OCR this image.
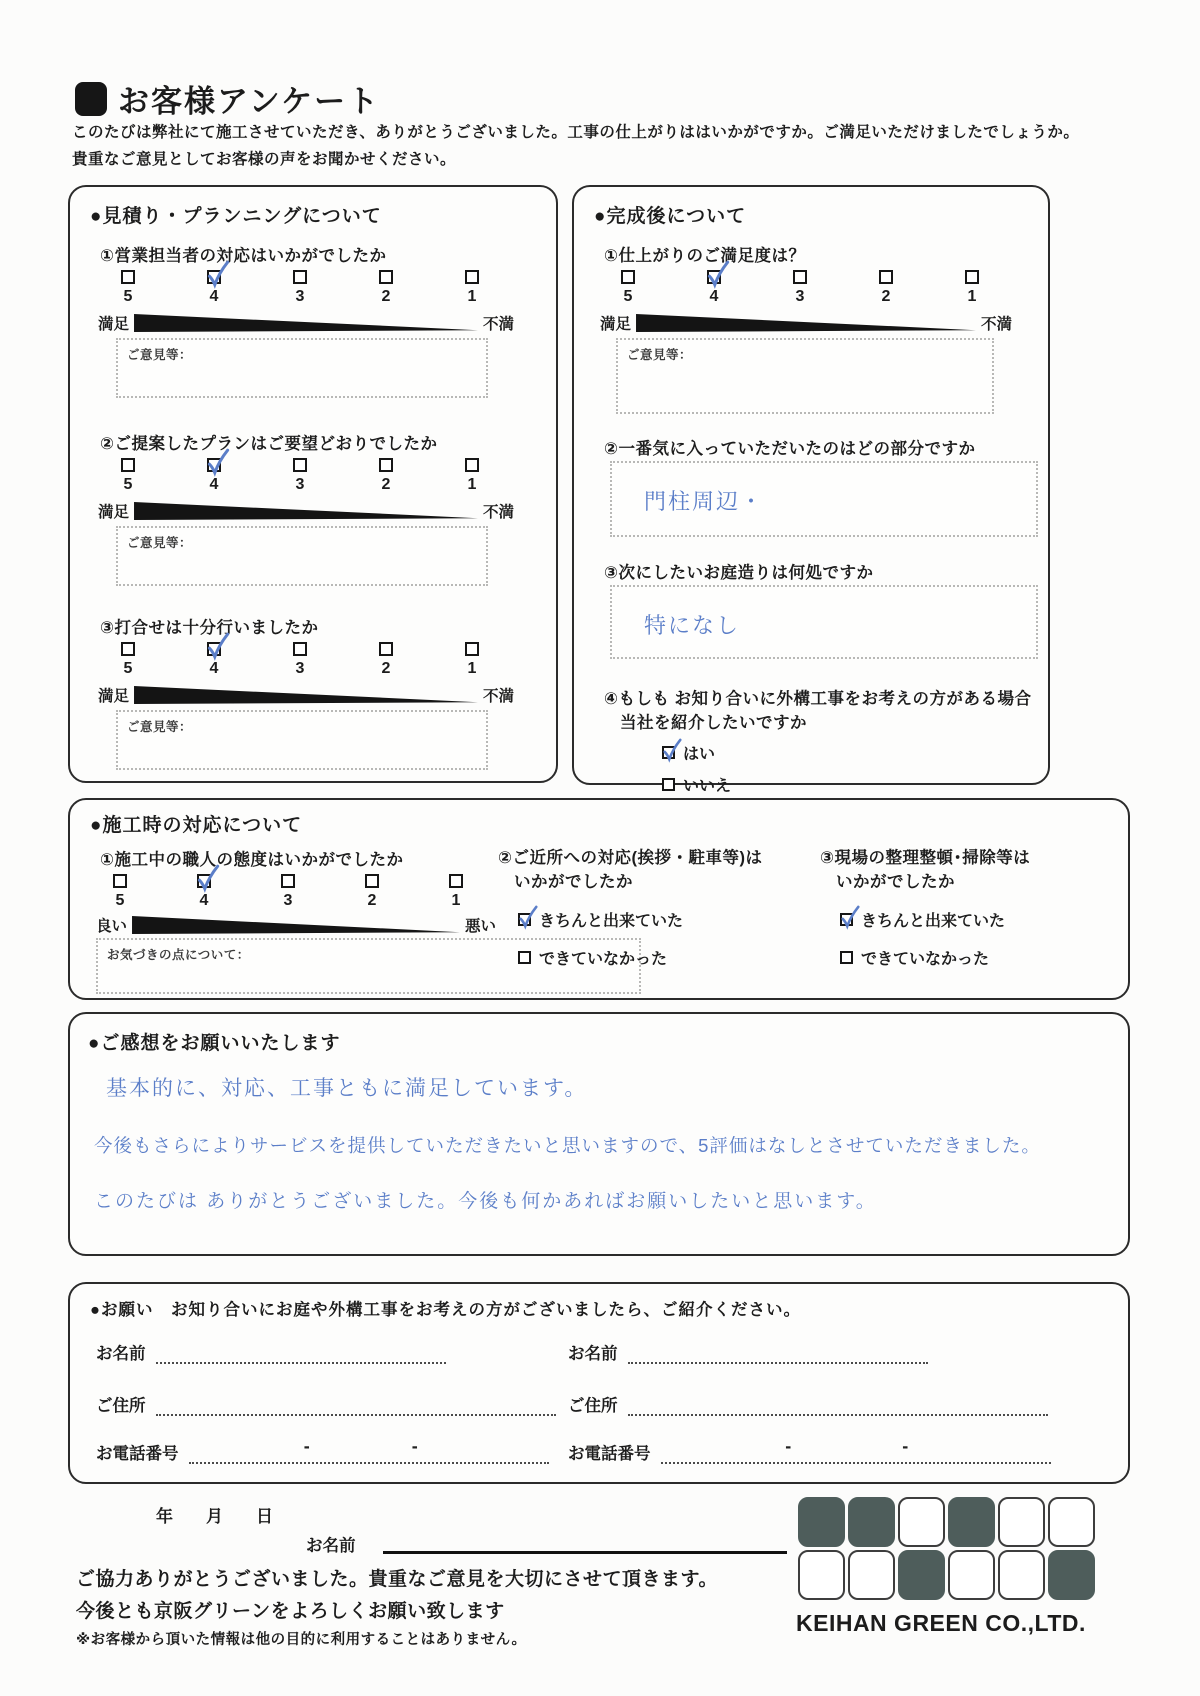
お客様アンケート
このたびは弊社にて施工させていただき、ありがとうございました。工事の仕上がりははいかがですか。ご満足いただけましたでしょうか。
貴重なご意見としてお客様の声をお聞かせください。
●見積り・プランニングについて
①営業担当者の対応はいかがでしたか
5	4	3	2	1
満足	不満
ご意見等：
②ご提案したプランはご要望どおりでしたか
5	4	3	2	1
満足	不満
ご意見等：
③打合せは十分行いましたか
5	4	3	2	1
満足	不満
ご意見等：
●完成後について
①仕上がりのご満足度は？
5	4	3	2	1
満足	不満
ご意見等：
②一番気に入っていただいたのはどの部分ですか
門柱周辺・
③次にしたいお庭造りは何処ですか
特になし
④もしも お知り合いに外構工事をお考えの方がある場合
当社を紹介したいですか
はい
いいえ
●施工時の対応について
①施工中の職人の態度はいかがでしたか
5	4	3	2	1
良い	悪い
お気づきの点について：
②ご近所への対応(挨拶・駐車等)は
いかがでしたか
きちんと出来ていた
できていなかった
③現場の整理整頓･掃除等は
いかがでしたか
きちんと出来ていた
できていなかった
●ご感想をお願いいたします
基本的に、対応、工事ともに満足しています。
今後もさらによりサービスを提供していただきたいと思いますので、5評価はなしとさせていただきました。
このたびは ありがとうございました。今後も何かあればお願いしたいと思います。
●お願い　お知り合いにお庭や外構工事をお考えの方がございましたら、ご紹介ください。
お名前	お名前
ご住所	ご住所
お電話番号	-	-	お電話番号	-	-
年　月　日
お名前
ご協力ありがとうございました。貴重なご意見を大切にさせて頂きます。
今後とも京阪グリーンをよろしくお願い致します
※お客様から頂いた情報は他の目的に利用することはありません。
KEIHAN GREEN CO.,LTD.
